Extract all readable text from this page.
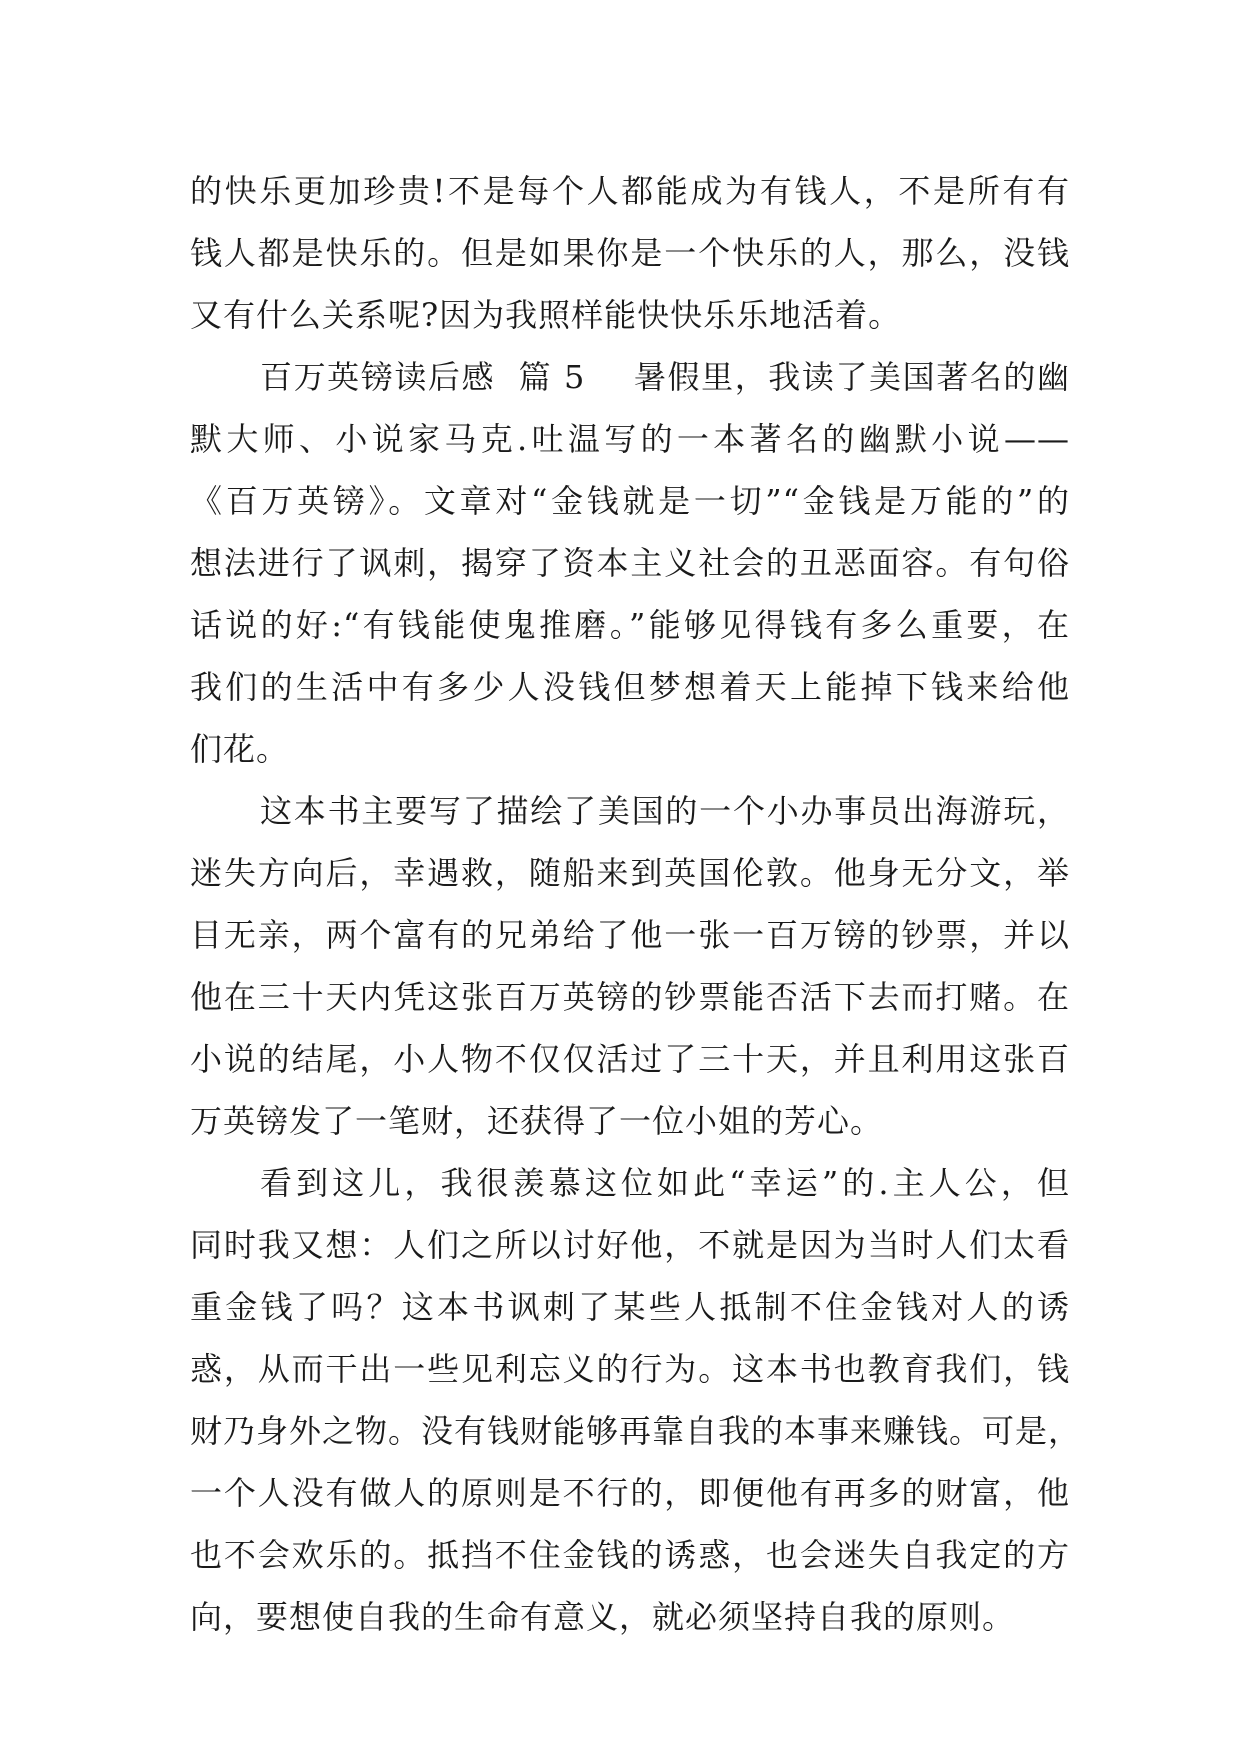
的快乐更加珍贵!不是每个人都能成为有钱人，不是所有有
钱人都是快乐的。但是如果你是一个快乐的人，那么，没钱
又有什么关系呢?因为我照样能快快乐乐地活着。
百万英镑读后感  篇 5 暑假里，我读了美国著名的幽
默大师、小说家马克.吐温写的一本著名的幽默小说——
《百万英镑》。文章对“金钱就是一切”“金钱是万能的”的
想法进行了讽刺，揭穿了资本主义社会的丑恶面容。有句俗
话说的好:“有钱能使鬼推磨。”能够见得钱有多么重要，在
我们的生活中有多少人没钱但梦想着天上能掉下钱来给他
们花。
这本书主要写了描绘了美国的一个小办事员出海游玩，
迷失方向后，幸遇救，随船来到英国伦敦。他身无分文，举
目无亲，两个富有的兄弟给了他一张一百万镑的钞票，并以
他在三十天内凭这张百万英镑的钞票能否活下去而打赌。在
小说的结尾，小人物不仅仅活过了三十天，并且利用这张百
万英镑发了一笔财，还获得了一位小姐的芳心。
看到这儿，我很羡慕这位如此“幸运”的.主人公，但
同时我又想：人们之所以讨好他，不就是因为当时人们太看
重金钱了吗？这本书讽刺了某些人抵制不住金钱对人的诱
惑，从而干出一些见利忘义的行为。这本书也教育我们，钱
财乃身外之物。没有钱财能够再靠自我的本事来赚钱。可是，
一个人没有做人的原则是不行的，即便他有再多的财富，他
也不会欢乐的。抵挡不住金钱的诱惑，也会迷失自我定的方
向，要想使自我的生命有意义，就必须坚持自我的原则。
